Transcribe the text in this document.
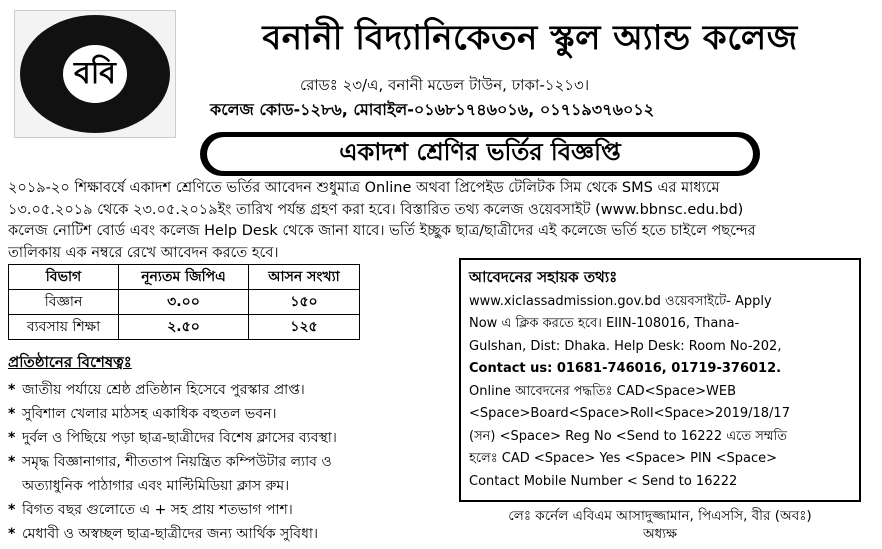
ববি
বনানী বিদ্যানিকেতন স্কুল অ্যান্ড কলেজ
রোডঃ ২৩/এ, বনানী মডেল টাউন, ঢাকা-১২১৩।
কলেজ কোড-১২৮৬, মোবাইল-০১৬৮১৭৪৬০১৬, ০১৭১৯৩৭৬০১২
একাদশ শ্রেণির ভর্তির বিজ্ঞপ্তি

২০১৯-২০ শিক্ষাবর্ষে একাদশ শ্রেণিতে ভর্তির আবেদন শুধুমাত্র Online অথবা প্রিপেইড টেলিটক সিম থেকে SMS এর মাধ্যমে

১৩.০৫.২০১৯ থেকে ২৩.০৫.২০১৯ইং তারিখ পর্যন্ত গ্রহণ করা হবে। বিস্তারিত তথ্য কলেজ ওয়েবসাইট (www.bbnsc.edu.bd)

কলেজ নোটিশ বোর্ড এবং কলেজ Help Desk থেকে জানা যাবে। ভর্তি ইচ্ছুক ছাত্র/ছাত্রীদের এই কলেজে ভর্তি হতে চাইলে পছন্দের

তালিকায় এক নম্বরে রেখে আবেদন করতে হবে।

বিভাগ	নূন্যতম জিপিএ	আসন সংখ্যা
বিজ্ঞান	৩.০০	১৫০
ব্যবসায় শিক্ষা	২.৫০	১২৫
প্রতিষ্ঠানের বিশেষত্বঃ
* জাতীয় পর্যায়ে শ্রেষ্ঠ প্রতিষ্ঠান হিসেবে পুরস্কার প্রাপ্ত।
* সুবিশাল খেলার মাঠসহ একাধিক বহুতল ভবন।
* দুর্বল ও পিছিয়ে পড়া ছাত্র-ছাত্রীদের বিশেষ ক্লাসের ব্যবস্থা।
* সমৃদ্ধ বিজ্ঞানাগার, শীততাপ নিয়ন্ত্রিত কম্পিউটার ল্যাব ও
অত্যাধুনিক পাঠাগার এবং মাল্টিমিডিয়া ক্লাস রুম।
* বিগত বছর গুলোতে এ + সহ প্রায় শতভাগ পাশ।
* মেধাবী ও অস্বচ্ছল ছাত্র-ছাত্রীদের জন্য আর্থিক সুবিধা।
আবেদনের সহায়ক তথ্যঃ

www.xiclassadmission.gov.bd ওয়েবসাইটে- Apply

Now এ ক্লিক করতে হবে। EIIN-108016, Thana-

Gulshan, Dist: Dhaka. Help Desk: Room No-202,

Contact us: 01681-746016, 01719-376012.

Online আবেদনের পদ্ধতিঃ CAD<Space>WEB

<Space>Board<Space>Roll<Space>2019/18/17

(সন) <Space> Reg No <Send to 16222 এতে সম্মতি

হলেঃ CAD <Space> Yes <Space> PIN <Space>

Contact Mobile Number < Send to 16222

লেঃ কর্নেল এবিএম আসাদুজ্জামান, পিএসসি, বীর (অবঃ)
অধ্যক্ষ
